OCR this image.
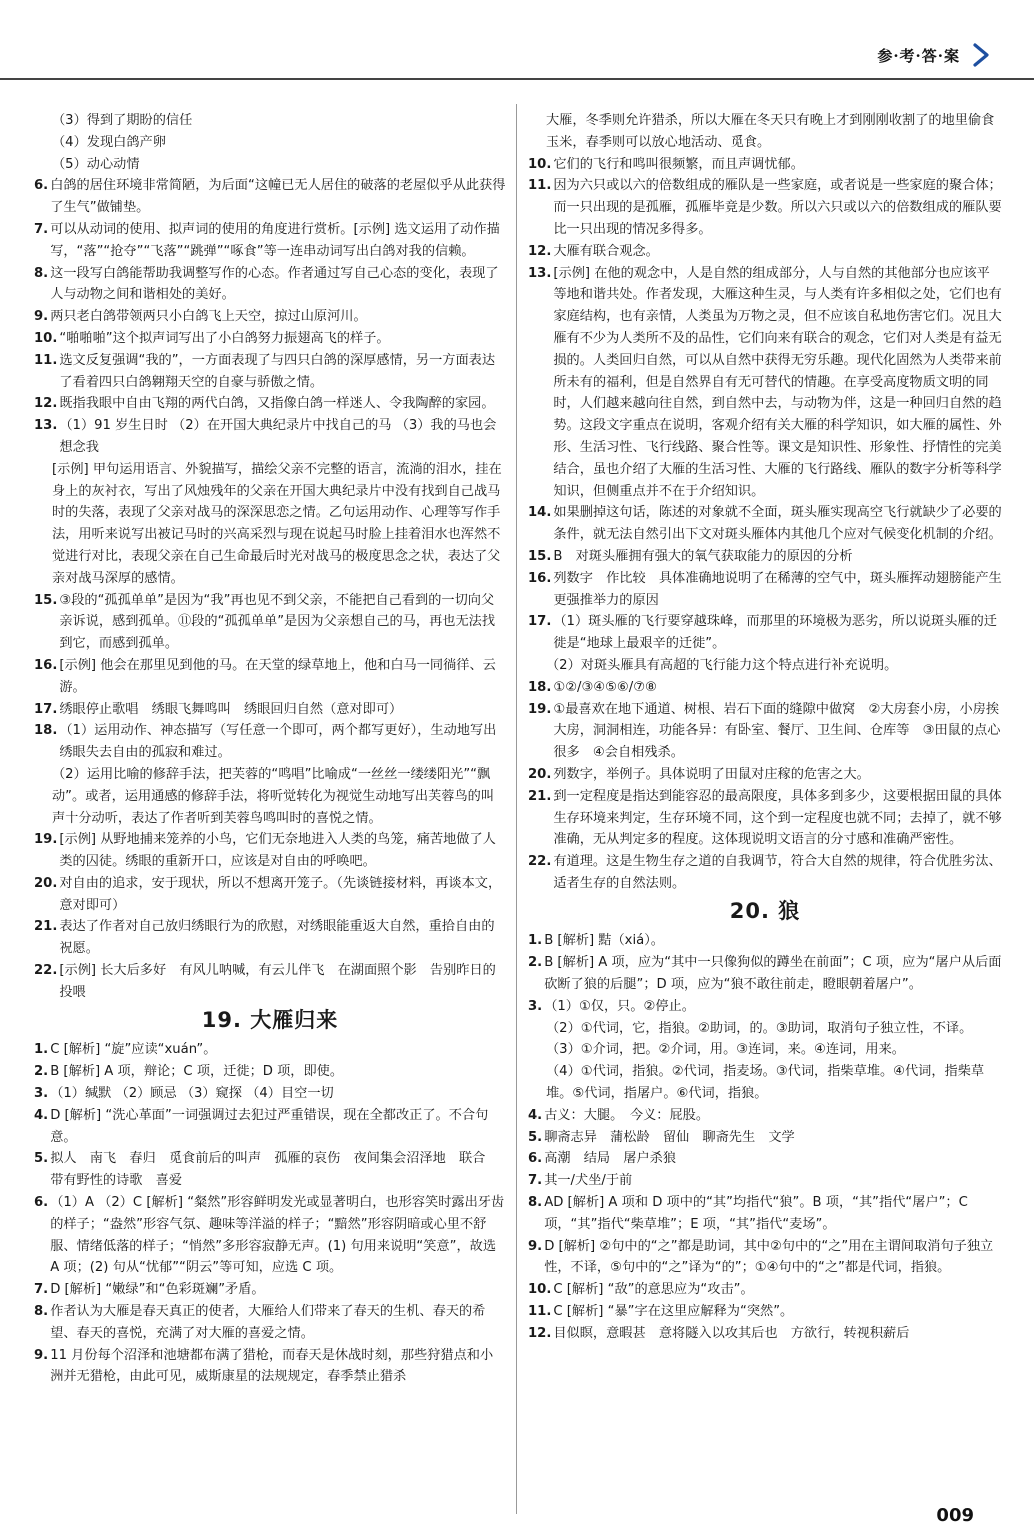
参·考·答·案
（3）得到了期盼的信任
（4）发现白鸽产卵
（5）动心动情
6. 白鸽的居住环境非常简陋，为后面“这幢已无人居住的破落的老屋似乎从此获得了生气”做铺垫。
7. 可以从动词的使用、拟声词的使用的角度进行赏析。[示例] 选文运用了动作描写，“落”“抢夺”“飞落”“跳弹”“啄食”等一连串动词写出白鸽对我的信赖。
8. 这一段写白鸽能帮助我调整写作的心态。作者通过写自己心态的变化，表现了人与动物之间和谐相处的美好。
9. 两只老白鸽带领两只小白鸽飞上天空，掠过山原河川。
10. “啪啪啪”这个拟声词写出了小白鸽努力振翅高飞的样子。
11. 选文反复强调“我的”，一方面表现了与四只白鸽的深厚感情，另一方面表达了看着四只白鸽翱翔天空的自豪与骄傲之情。
12. 既指我眼中自由飞翔的两代白鸽，又指像白鸽一样迷人、令我陶醉的家园。
13. （1）91 岁生日时 （2）在开国大典纪录片中找自己的马 （3）我的马也会想念我
[示例] 甲句运用语言、外貌描写，描绘父亲不完整的语言，流淌的泪水，挂在身上的灰衬衣，写出了风烛残年的父亲在开国大典纪录片中没有找到自己战马时的失落，表现了父亲对战马的深深思恋之情。乙句运用动作、心理等写作手法，用听来说写出被记马时的兴高采烈与现在说起马时脸上挂着泪水也浑然不觉进行对比，表现父亲在自己生命最后时光对战马的极度思念之状，表达了父亲对战马深厚的感情。
15. ③段的“孤孤单单”是因为“我”再也见不到父亲，不能把自己看到的一切向父亲诉说，感到孤单。⑪段的“孤孤单单”是因为父亲想自己的马，再也无法找到它，而感到孤单。
16. [示例] 他会在那里见到他的马。在天堂的绿草地上，他和白马一同徜徉、云游。
17. 绣眼停止歌唱　绣眼飞舞鸣叫　绣眼回归自然（意对即可）
18. （1）运用动作、神态描写（写任意一个即可，两个都写更好），生动地写出绣眼失去自由的孤寂和难过。
（2）运用比喻的修辞手法，把芙蓉的“鸣唱”比喻成“一丝丝一缕缕阳光”“飘动”。或者，运用通感的修辞手法，将听觉转化为视觉生动地写出芙蓉鸟的叫声十分动听，表达了作者听到芙蓉鸟鸣叫时的喜悦之情。
19. [示例] 从野地捕来笼养的小鸟，它们无奈地进入人类的鸟笼，痛苦地做了人类的囚徒。绣眼的重新开口，应该是对自由的呼唤吧。
20. 对自由的追求，安于现状，所以不想离开笼子。（先谈链接材料，再谈本文，意对即可）
21. 表达了作者对自己放归绣眼行为的欣慰，对绣眼能重返大自然，重拾自由的祝愿。
22. [示例] 长大后多好　有风儿呐喊，有云儿伴飞　在湖面照个影　告别昨日的投喂
19. 大雁归来
1. C [解析] “旋”应读“xuán”。
2. B [解析] A 项，辩论；C 项，迁徙；D 项，即使。
3. （1）缄默 （2）顾忌 （3）窥探 （4）目空一切
4. D [解析] “洗心革面”一词强调过去犯过严重错误，现在全都改正了。不合句意。
5. 拟人　南飞　春归　觅食前后的叫声　孤雁的哀伤　夜间集会沼泽地　联合　带有野性的诗歌　喜爱
6. （1）A （2）C [解析] “粲然”形容鲜明发光或显著明白，也形容笑时露出牙齿的样子；“盎然”形容气氛、趣味等洋溢的样子；“黯然”形容阴暗或心里不舒服、情绪低落的样子；“悄然”多形容寂静无声。(1) 句用来说明“笑意”，故选 A 项；(2) 句从“忧郁”“阴云”等可知，应选 C 项。
7. D [解析] “嫩绿”和“色彩斑斓”矛盾。
8. 作者认为大雁是春天真正的使者，大雁给人们带来了春天的生机、春天的希望、春天的喜悦，充满了对大雁的喜爱之情。
9. 11 月份每个沼泽和池塘都布满了猎枪，而春天是休战时刻，那些狩猎点和小洲并无猎枪，由此可见，威斯康星的法规规定，春季禁止猎杀
大雁，冬季则允许猎杀，所以大雁在冬天只有晚上才到刚刚收割了的地里偷食玉米，春季则可以放心地活动、觅食。
10. 它们的飞行和鸣叫很频繁，而且声调忧郁。
11. 因为六只或以六的倍数组成的雁队是一些家庭，或者说是一些家庭的聚合体；而一只出现的是孤雁，孤雁毕竟是少数。所以六只或以六的倍数组成的雁队要比一只出现的情况多得多。
12. 大雁有联合观念。
13. [示例] 在他的观念中，人是自然的组成部分，人与自然的其他部分也应该平等地和谐共处。作者发现，大雁这种生灵，与人类有许多相似之处，它们也有家庭结构，也有亲情，人类虽为万物之灵，但不应该自私地伤害它们。况且大雁有不少为人类所不及的品性，它们向来有联合的观念，它们对人类是有益无损的。人类回归自然，可以从自然中获得无穷乐趣。现代化固然为人类带来前所未有的福利，但是自然界自有无可替代的情趣。在享受高度物质文明的同时，人们越来越向往自然，到自然中去，与动物为伴，这是一种回归自然的趋势。这段文字重点在说明，客观介绍有关大雁的科学知识，如大雁的属性、外形、生活习性、飞行线路、聚合性等。课文是知识性、形象性、抒情性的完美结合，虽也介绍了大雁的生活习性、大雁的飞行路线、雁队的数字分析等科学知识，但侧重点并不在于介绍知识。
14. 如果删掉这句话，陈述的对象就不全面，斑头雁实现高空飞行就缺少了必要的条件，就无法自然引出下文对斑头雁体内其他几个应对气候变化机制的介绍。
15. B　对斑头雁拥有强大的氧气获取能力的原因的分析
16. 列数字　作比较　具体准确地说明了在稀薄的空气中，斑头雁挥动翅膀能产生更强推举力的原因
17. （1）斑头雁的飞行要穿越珠峰，而那里的环境极为恶劣，所以说斑头雁的迁徙是“地球上最艰辛的迁徙”。
（2）对斑头雁具有高超的飞行能力这个特点进行补充说明。
18. ①②/③④⑤⑥/⑦⑧
19. ①最喜欢在地下通道、树根、岩石下面的缝隙中做窝　②大房套小房，小房挨大房，洞洞相连，功能各异：有卧室、餐厅、卫生间、仓库等　③田鼠的点心很多　④会自相残杀。
20. 列数字，举例子。具体说明了田鼠对庄稼的危害之大。
21. 到一定程度是指达到能容忍的最高限度，具体多到多少，这要根据田鼠的具体生存环境来判定，生存环境不同，这个到一定程度也就不同；去掉了，就不够准确，无从判定多的程度。这体现说明文语言的分寸感和准确严密性。
22. 有道理。这是生物生存之道的自我调节，符合大自然的规律，符合优胜劣汰、适者生存的自然法则。
20. 狼
1. B [解析] 黠（xiá）。
2. B [解析] A 项，应为“其中一只像狗似的蹲坐在前面”；C 项，应为“屠户从后面砍断了狼的后腿”；D 项，应为“狼不敢往前走，瞪眼朝着屠户”。
3. （1）①仅，只。②停止。
（2）①代词，它，指狼。②助词，的。③助词，取消句子独立性，不译。
（3）①介词，把。②介词，用。③连词，来。④连词，用来。
（4）①代词，指狼。②代词，指麦场。③代词，指柴草堆。④代词，指柴草堆。⑤代词，指屠户。⑥代词，指狼。
4. 古义：大腿。　今义：屁股。
5. 聊斋志异　蒲松龄　留仙　聊斋先生　文学
6. 高潮　结局　屠户杀狼
7. 其一/犬坐/于前
8. AD [解析] A 项和 D 项中的“其”均指代“狼”。B 项，“其”指代“屠户”；C 项，“其”指代“柴草堆”；E 项，“其”指代“麦场”。
9. D [解析] ②句中的“之”都是助词，其中②句中的“之”用在主谓间取消句子独立性，不译，⑤句中的“之”译为“的”；①④句中的“之”都是代词，指狼。
10. C [解析] “敌”的意思应为“攻击”。
11. C [解析] “暴”字在这里应解释为“突然”。
12. 目似瞑，意暇甚　意将隧入以攻其后也　方欲行，转视积薪后
009
